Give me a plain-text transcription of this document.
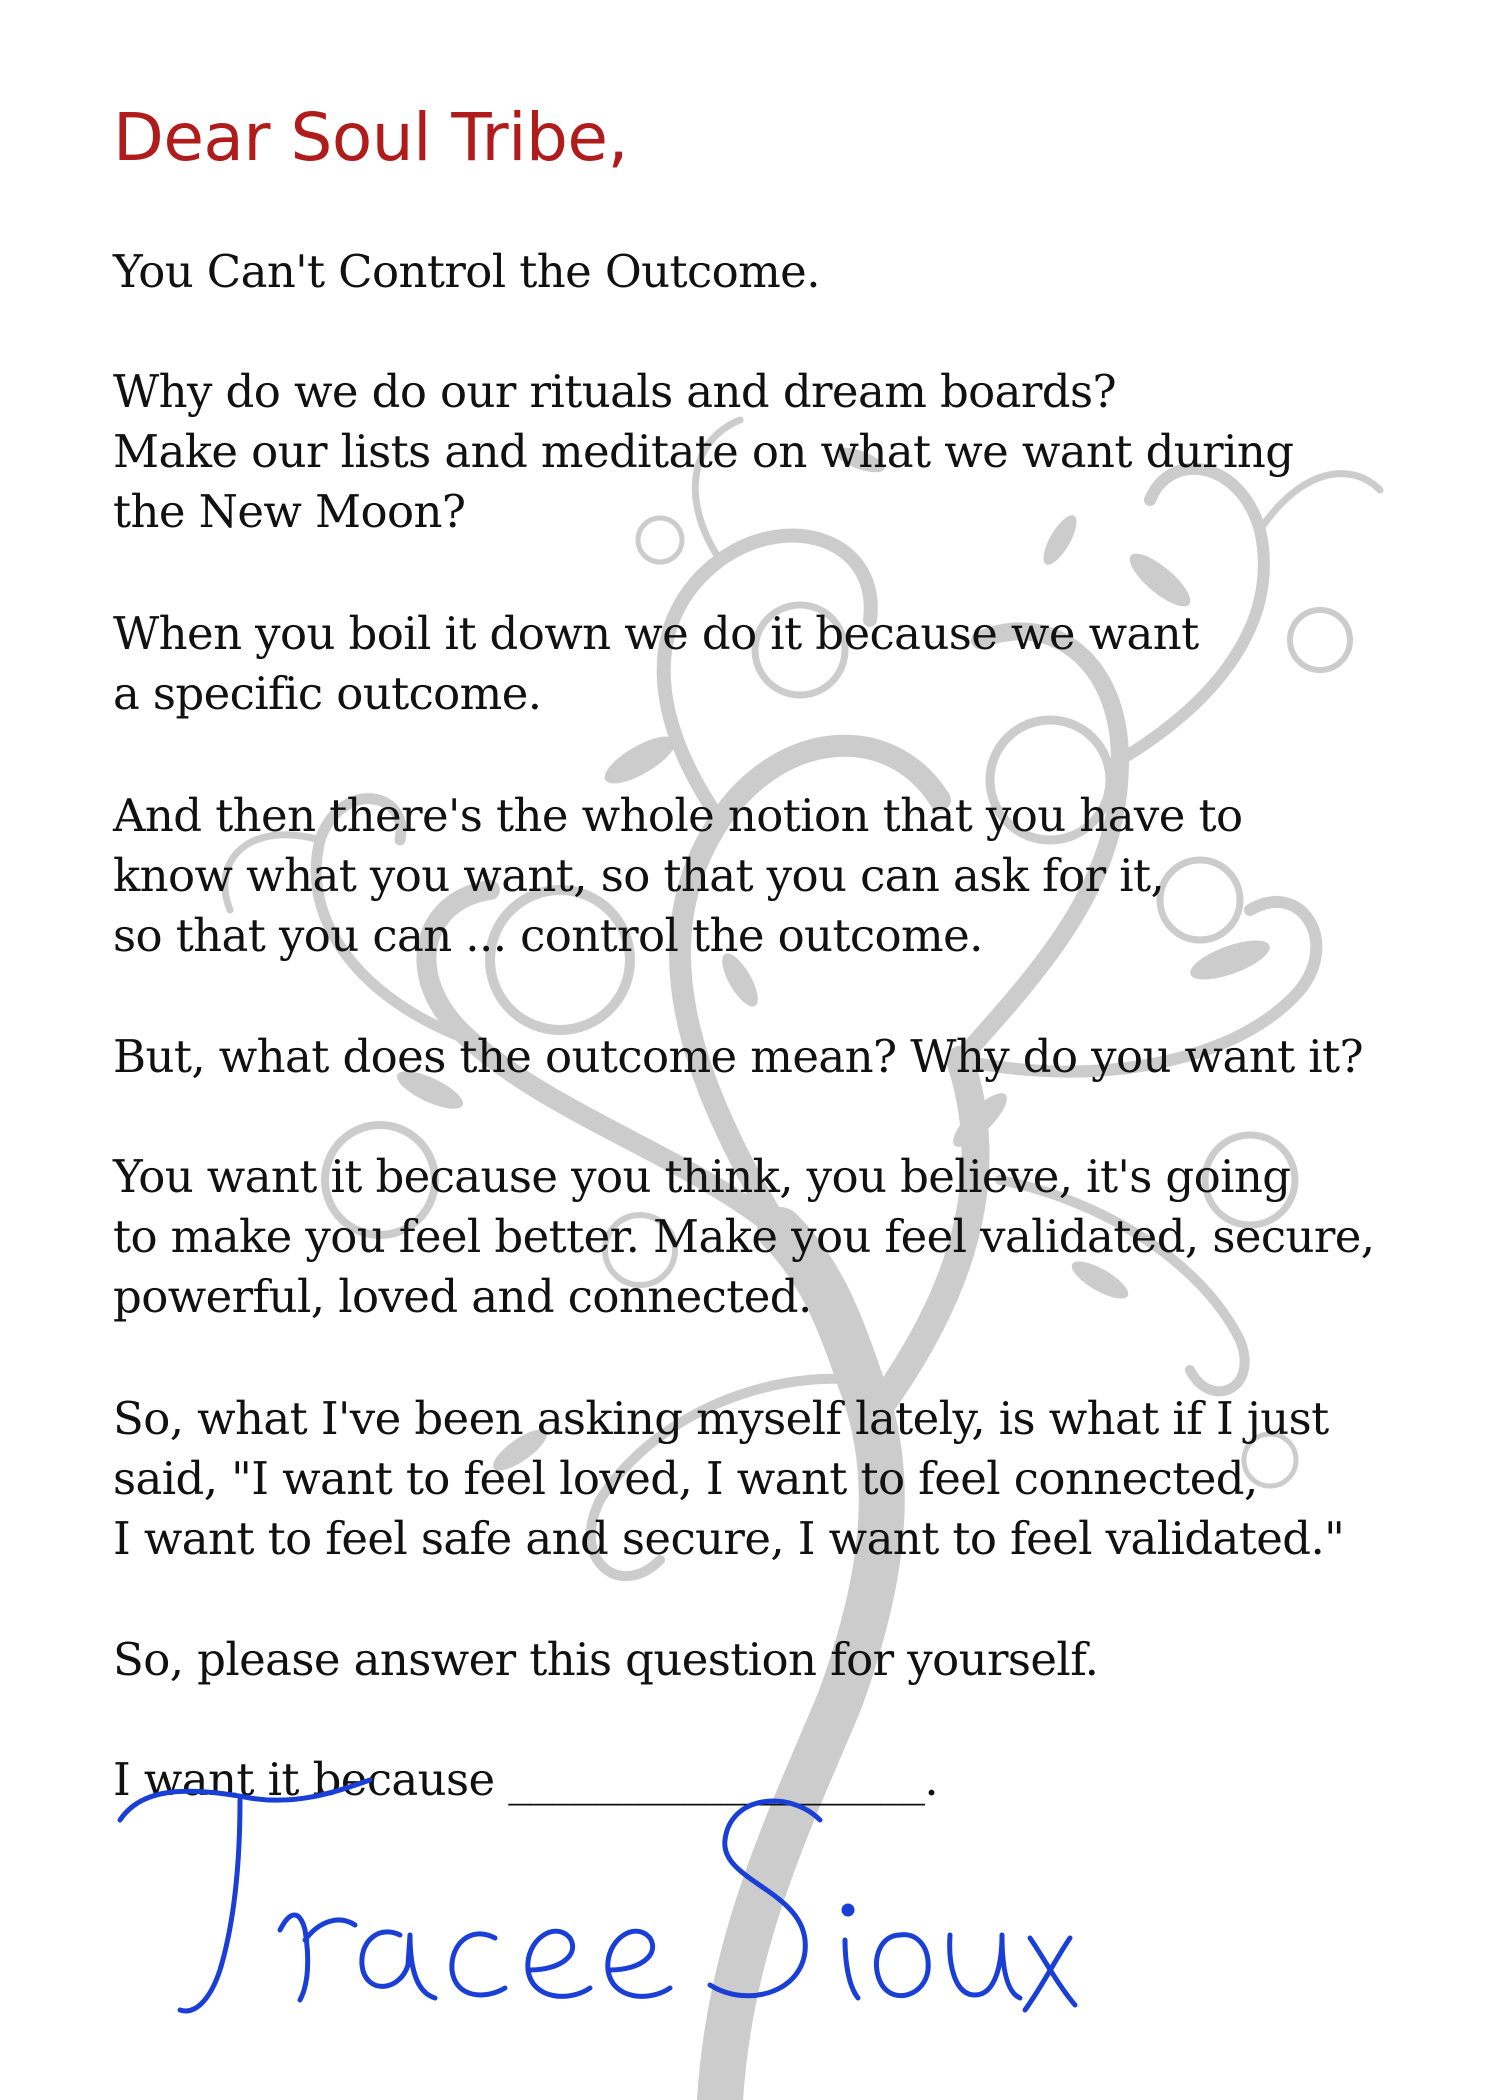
Dear Soul Tribe,

You Can't Control the Outcome.

Why do we do our rituals and dream boards?
Make our lists and meditate on what we want during
the New Moon?

When you boil it down we do it because we want
a specific outcome.

And then there's the whole notion that you have to
know what you want, so that you can ask for it,
so that you can ... control the outcome.

But, what does the outcome mean? Why do you want it?

You want it because you think, you believe, it's going
to make you feel better. Make you feel validated, secure,
powerful, loved and connected.

So, what I've been asking myself lately, is what if I just
said, "I want to feel loved, I want to feel connected,
I want to feel safe and secure, I want to feel validated."

So, please answer this question for yourself.

I want it because ___________________.
